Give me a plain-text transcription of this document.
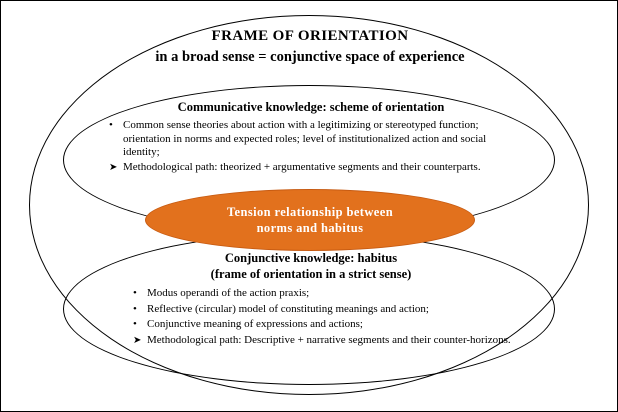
FRAME OF ORIENTATION
in a broad sense = conjunctive space of experience
Communicative knowledge: scheme of orientation
• Common sense theories about action with a legitimizing or stereotyped function; orientation in norms and expected roles; level of institutionalized action and social identity;
➤ Methodological path: theorized + argumentative segments and their counterparts.
Tension relationship between
norms and habitus
Conjunctive knowledge: habitus
(frame of orientation in a strict sense)
• Modus operandi of the action praxis;
• Reflective (circular) model of constituting meanings and action;
• Conjunctive meaning of expressions and actions;
➤ Methodological path: Descriptive + narrative segments and their counter-horizons.
